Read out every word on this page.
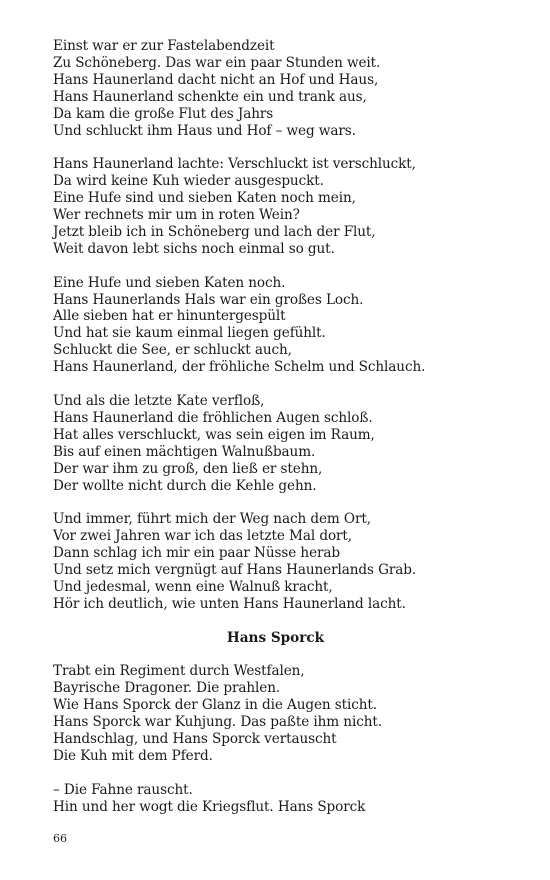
Einst war er zur Fastelabendzeit
Zu Schöneberg. Das war ein paar Stunden weit.
Hans Haunerland dacht nicht an Hof und Haus,
Hans Haunerland schenkte ein und trank aus,
Da kam die große Flut des Jahrs
Und schluckt ihm Haus und Hof – weg wars.
Hans Haunerland lachte: Verschluckt ist verschluckt,
Da wird keine Kuh wieder ausgespuckt.
Eine Hufe sind und sieben Katen noch mein,
Wer rechnets mir um in roten Wein?
Jetzt bleib ich in Schöneberg und lach der Flut,
Weit davon lebt sichs noch einmal so gut.
Eine Hufe und sieben Katen noch.
Hans Haunerlands Hals war ein großes Loch.
Alle sieben hat er hinuntergespült
Und hat sie kaum einmal liegen gefühlt.
Schluckt die See, er schluckt auch,
Hans Haunerland, der fröhliche Schelm und Schlauch.
Und als die letzte Kate verfloß,
Hans Haunerland die fröhlichen Augen schloß.
Hat alles verschluckt, was sein eigen im Raum,
Bis auf einen mächtigen Walnußbaum.
Der war ihm zu groß, den ließ er stehn,
Der wollte nicht durch die Kehle gehn.
Und immer, führt mich der Weg nach dem Ort,
Vor zwei Jahren war ich das letzte Mal dort,
Dann schlag ich mir ein paar Nüsse herab
Und setz mich vergnügt auf Hans Haunerlands Grab.
Und jedesmal, wenn eine Walnuß kracht,
Hör ich deutlich, wie unten Hans Haunerland lacht.
Hans Sporck
Trabt ein Regiment durch Westfalen,
Bayrische Dragoner. Die prahlen.
Wie Hans Sporck der Glanz in die Augen sticht.
Hans Sporck war Kuhjung. Das paßte ihm nicht.
Handschlag, und Hans Sporck vertauscht
Die Kuh mit dem Pferd.
– Die Fahne rauscht.
Hin und her wogt die Kriegsflut. Hans Sporck
66
